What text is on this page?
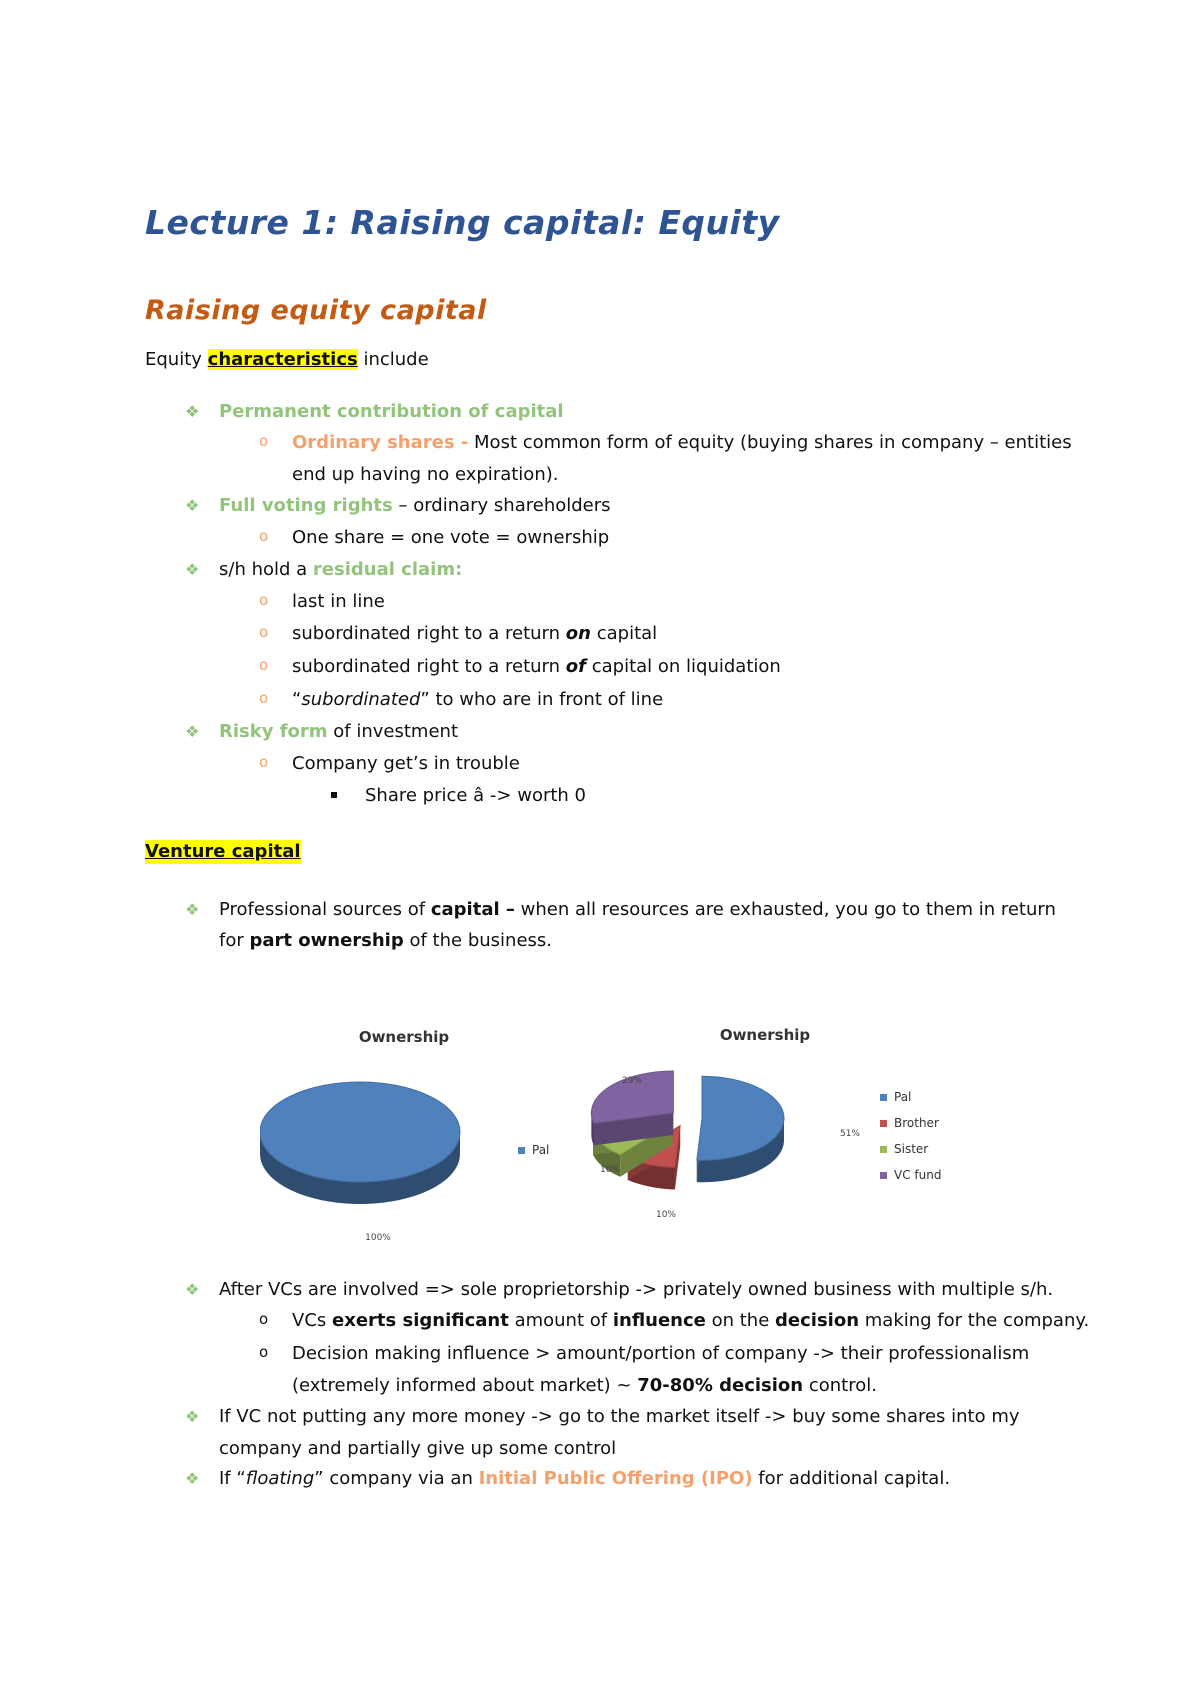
Lecture 1: Raising capital: Equity
Raising equity capital
Equity characteristics include
❖ Permanent contribution of capital
o Ordinary shares - Most common form of equity (buying shares in company – entities
end up having no expiration).
❖ Full voting rights – ordinary shareholders
o One share = one vote = ownership
❖ s/h hold a residual claim:
o last in line
o subordinated right to a return on capital
o subordinated right to a return of capital on liquidation
o “subordinated” to who are in front of line
❖ Risky form of investment
o Company get’s in trouble
Share price â -> worth 0
Venture capital
❖ Professional sources of capital – when all resources are exhausted, you go to them in return
for part ownership of the business.
Ownership
100%
Pal
Ownership
51%
10%
10%
29%
Pal
Brother
Sister
VC fund
❖ After VCs are involved => sole proprietorship -> privately owned business with multiple s/h.
o VCs exerts significant amount of influence on the decision making for the company.
o Decision making influence > amount/portion of company -> their professionalism
(extremely informed about market) ~ 70-80% decision control.
❖ If VC not putting any more money -> go to the market itself -> buy some shares into my
company and partially give up some control
❖ If “floating” company via an Initial Public Offering (IPO) for additional capital.
